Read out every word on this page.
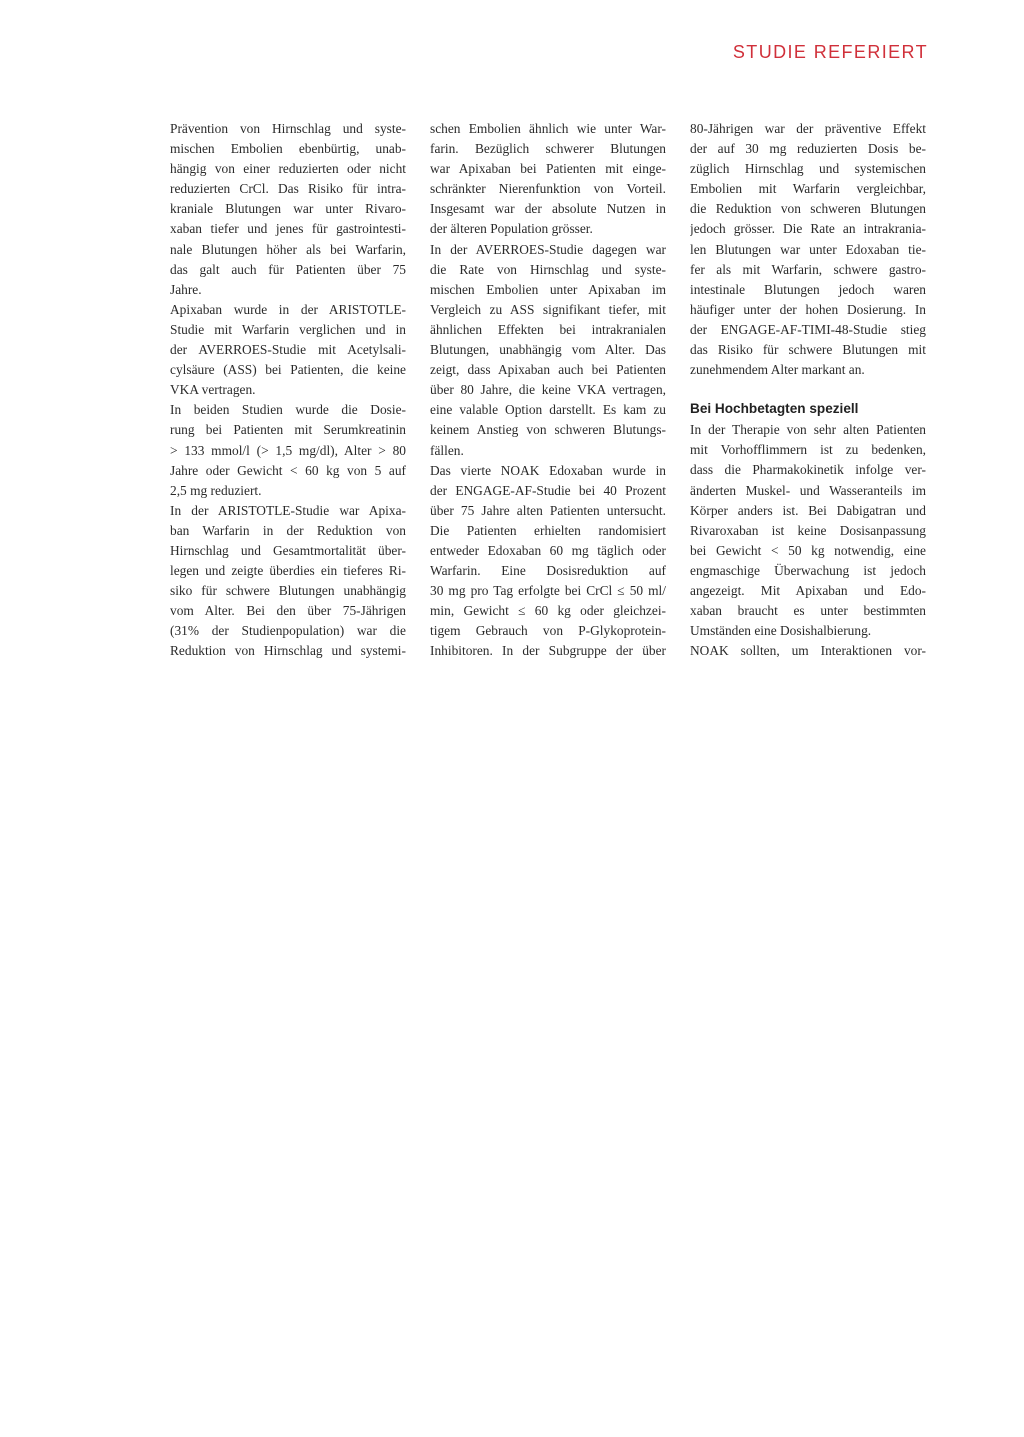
STUDIE REFERIERT
Prävention von Hirnschlag und syste-
mischen Embolien ebenbürtig, unab-
hängig von einer reduzierten oder nicht
reduzierten CrCl. Das Risiko für intra-
kraniale Blutungen war unter Rivaro-
xaban tiefer und jenes für gastrointesti-
nale Blutungen höher als bei Warfarin,
das galt auch für Patienten über 75
Jahre.
Apixaban wurde in der ARISTOTLE-
Studie mit Warfarin verglichen und in
der AVERROES-Studie mit Acetylsali-
cylsäure (ASS) bei Patienten, die keine
VKA vertragen.
In beiden Studien wurde die Dosie-
rung bei Patienten mit Serumkreatinin
> 133 mmol/l (> 1,5 mg/dl), Alter > 80
Jahre oder Gewicht < 60 kg von 5 auf
2,5 mg reduziert.
In der ARISTOTLE-Studie war Apixa-
ban Warfarin in der Reduktion von
Hirnschlag und Gesamtmortalität über-
legen und zeigte überdies ein tieferes Ri-
siko für schwere Blutungen unabhängig
vom Alter. Bei den über 75-Jährigen
(31% der Studienpopulation) war die
Reduktion von Hirnschlag und systemi-
schen Embolien ähnlich wie unter War-
farin. Bezüglich schwerer Blutungen
war Apixaban bei Patienten mit einge-
schränkter Nierenfunktion von Vorteil.
Insgesamt war der absolute Nutzen in
der älteren Population grösser.
In der AVERROES-Studie dagegen war
die Rate von Hirnschlag und syste-
mischen Embolien unter Apixaban im
Vergleich zu ASS signifikant tiefer, mit
ähnlichen Effekten bei intrakranialen
Blutungen, unabhängig vom Alter. Das
zeigt, dass Apixaban auch bei Patienten
über 80 Jahre, die keine VKA vertragen,
eine valable Option darstellt. Es kam zu
keinem Anstieg von schweren Blutungs-
fällen.
Das vierte NOAK Edoxaban wurde in
der ENGAGE-AF-Studie bei 40 Prozent
über 75 Jahre alten Patienten untersucht.
Die Patienten erhielten randomisiert
entweder Edoxaban 60 mg täglich oder
Warfarin. Eine Dosisreduktion auf
30 mg pro Tag erfolgte bei CrCl ≤ 50 ml/
min, Gewicht ≤ 60 kg oder gleichzei-
tigem Gebrauch von P-Glykoprotein-
Inhibitoren. In der Subgruppe der über
80-Jährigen war der präventive Effekt
der auf 30 mg reduzierten Dosis be-
züglich Hirnschlag und systemischen
Embolien mit Warfarin vergleichbar,
die Reduktion von schweren Blutungen
jedoch grösser. Die Rate an intrakrania-
len Blutungen war unter Edoxaban tie-
fer als mit Warfarin, schwere gastro-
intestinale Blutungen jedoch waren
häufiger unter der hohen Dosierung. In
der ENGAGE-AF-TIMI-48-Studie stieg
das Risiko für schwere Blutungen mit
zunehmendem Alter markant an.
Bei Hochbetagten speziell
In der Therapie von sehr alten Patienten
mit Vorhofflimmern ist zu bedenken,
dass die Pharmakokinetik infolge ver-
änderten Muskel- und Wasseranteils im
Körper anders ist. Bei Dabigatran und
Rivaroxaban ist keine Dosisanpassung
bei Gewicht < 50 kg notwendig, eine
engmaschige Überwachung ist jedoch
angezeigt. Mit Apixaban und Edo-
xaban braucht es unter bestimmten
Umständen eine Dosishalbierung.
NOAK sollten, um Interaktionen vor-
